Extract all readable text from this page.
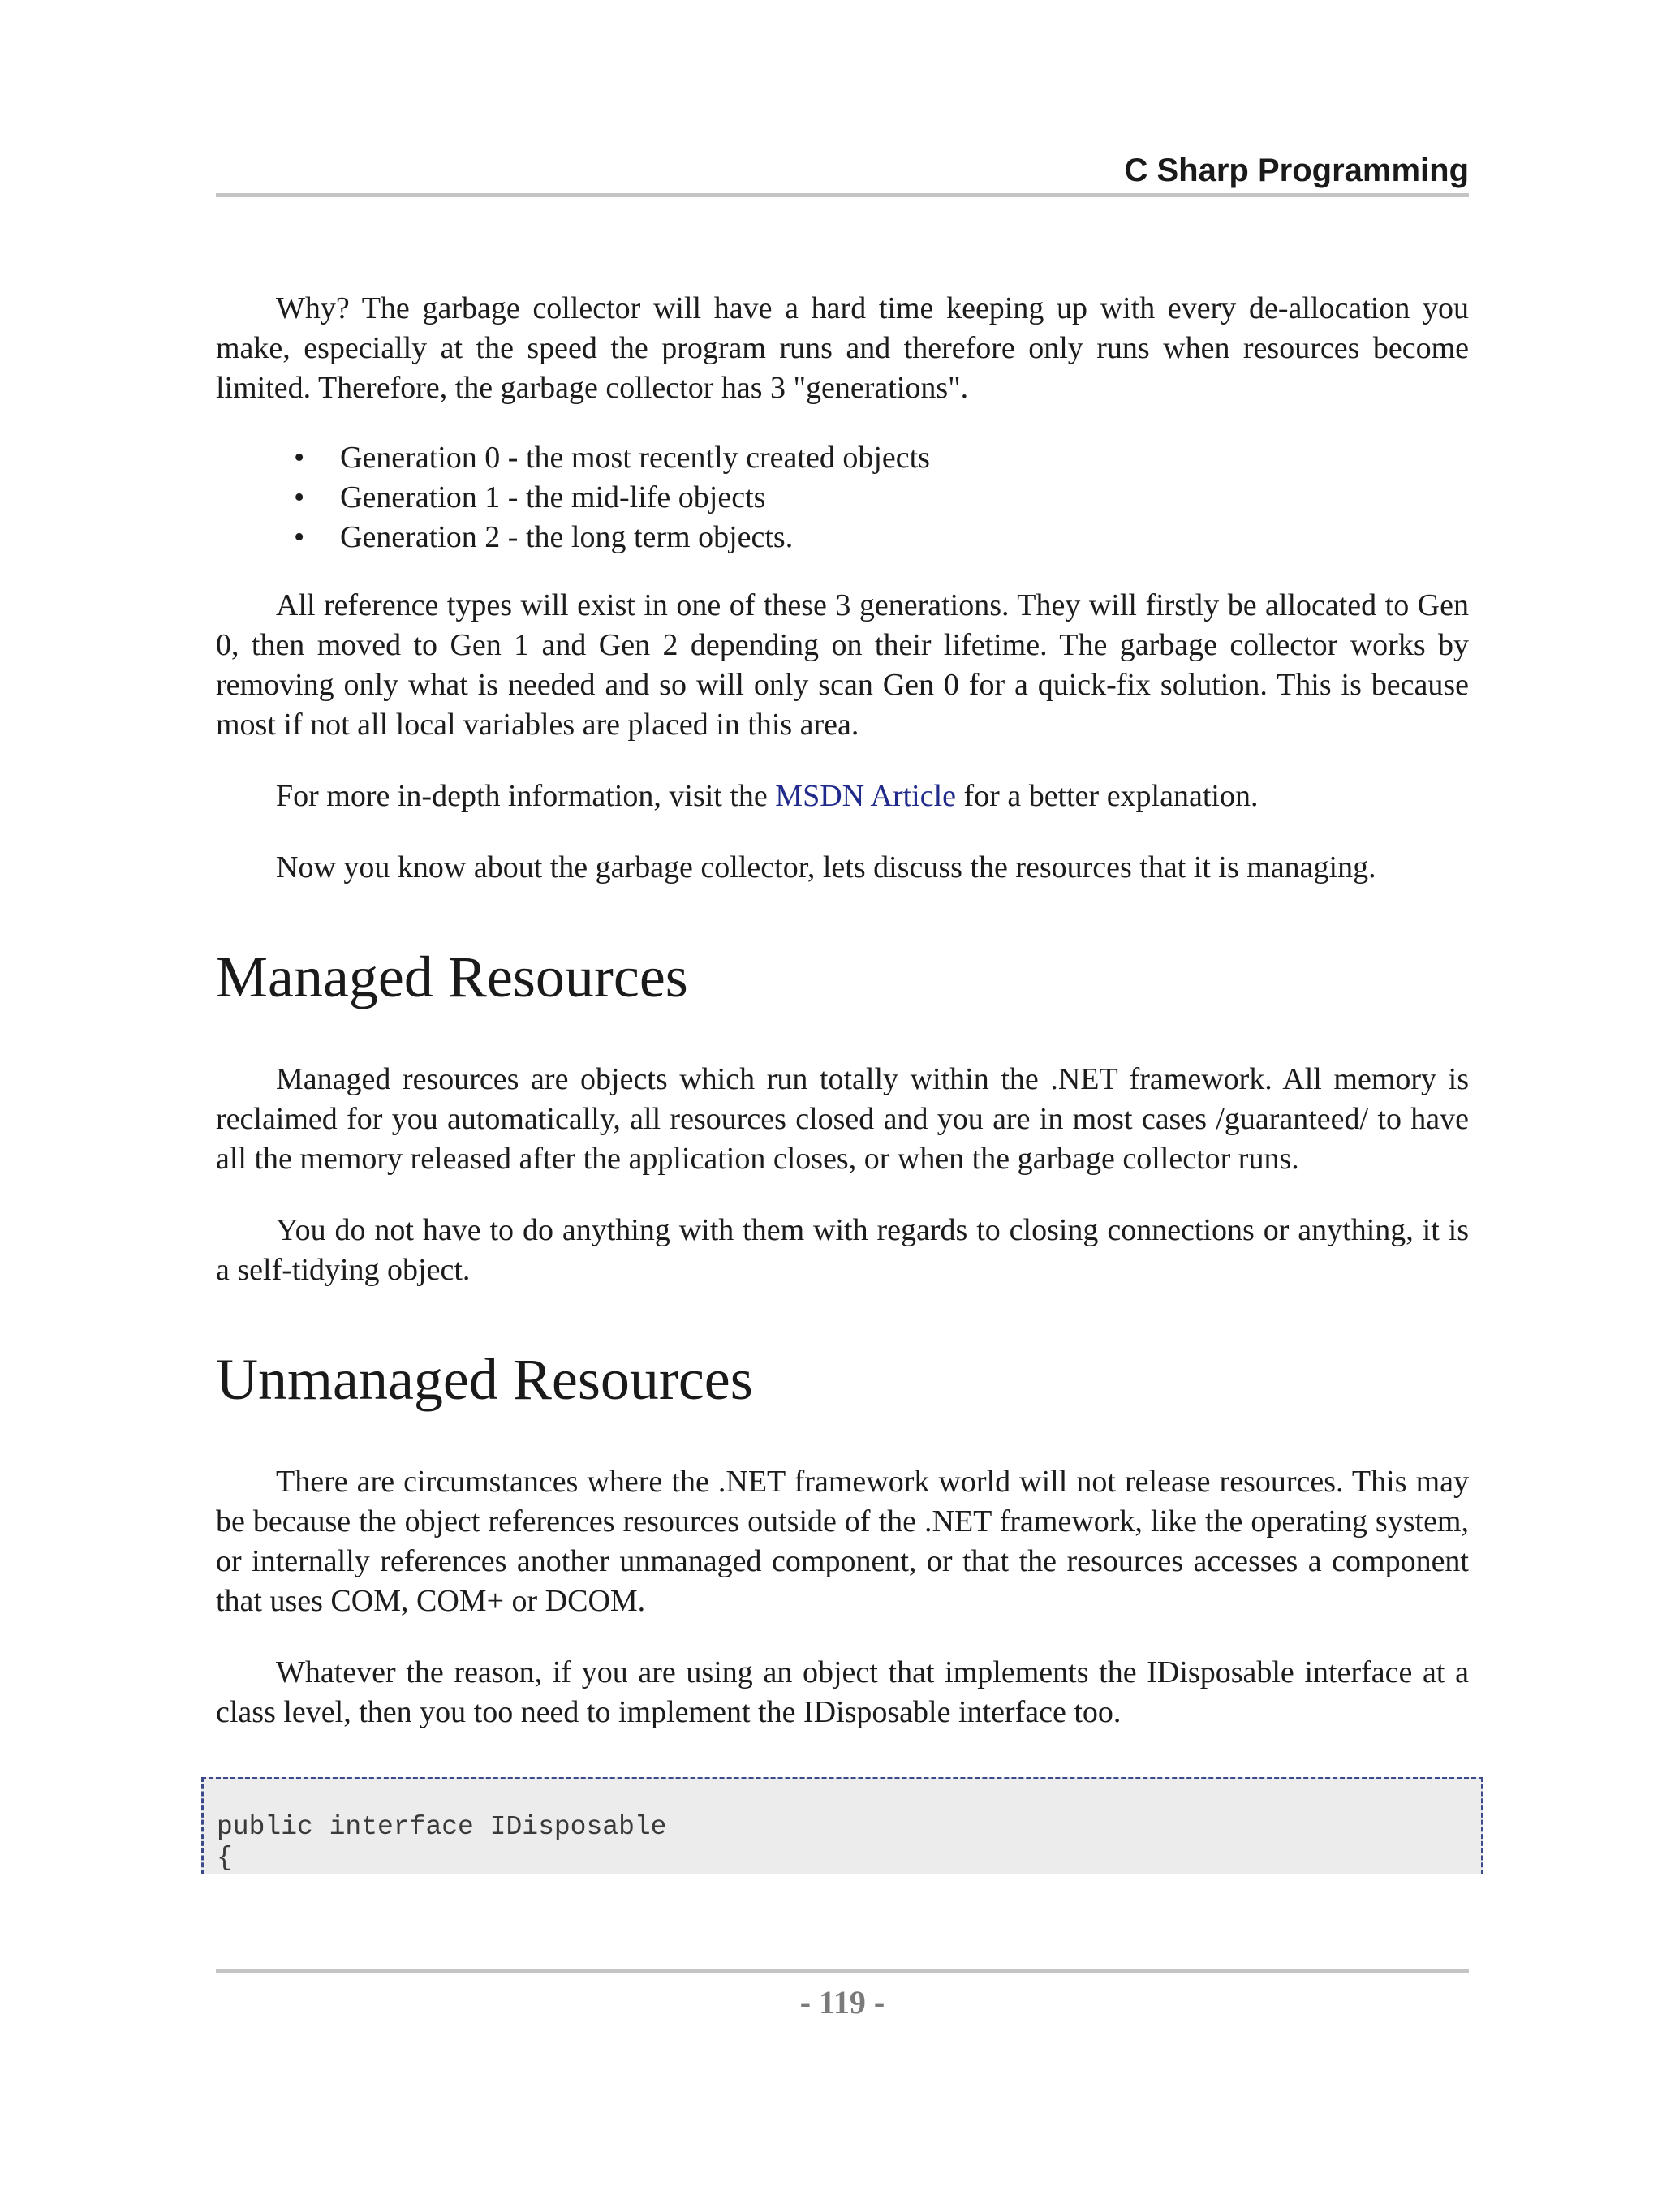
C Sharp Programming

Why? The garbage collector will have a hard time keeping up with every de-allocation you make, especially at the speed the program runs and therefore only runs when resources become limited. Therefore, the garbage collector has 3 "generations".

• Generation 0 - the most recently created objects
• Generation 1 - the mid-life objects
• Generation 2 - the long term objects.

All reference types will exist in one of these 3 generations. They will firstly be allocated to Gen 0, then moved to Gen 1 and Gen 2 depending on their lifetime. The garbage collector works by removing only what is needed and so will only scan Gen 0 for a quick-fix solution. This is because most if not all local variables are placed in this area.

For more in-depth information, visit the MSDN Article for a better explanation.

Now you know about the garbage collector, lets discuss the resources that it is managing.

Managed Resources

Managed resources are objects which run totally within the .NET framework. All memory is reclaimed for you automatically, all resources closed and you are in most cases /guaranteed/ to have all the memory released after the application closes, or when the garbage collector runs.

You do not have to do anything with them with regards to closing connections or anything, it is a self-tidying object.

Unmanaged Resources

There are circumstances where the .NET framework world will not release resources. This may be because the object references resources outside of the .NET framework, like the operating system, or internally references another unmanaged component, or that the resources accesses a component that uses COM, COM+ or DCOM.

Whatever the reason, if you are using an object that implements the IDisposable interface at a class level, then you too need to implement the IDisposable interface too.

public interface IDisposable
{
- 119 -
